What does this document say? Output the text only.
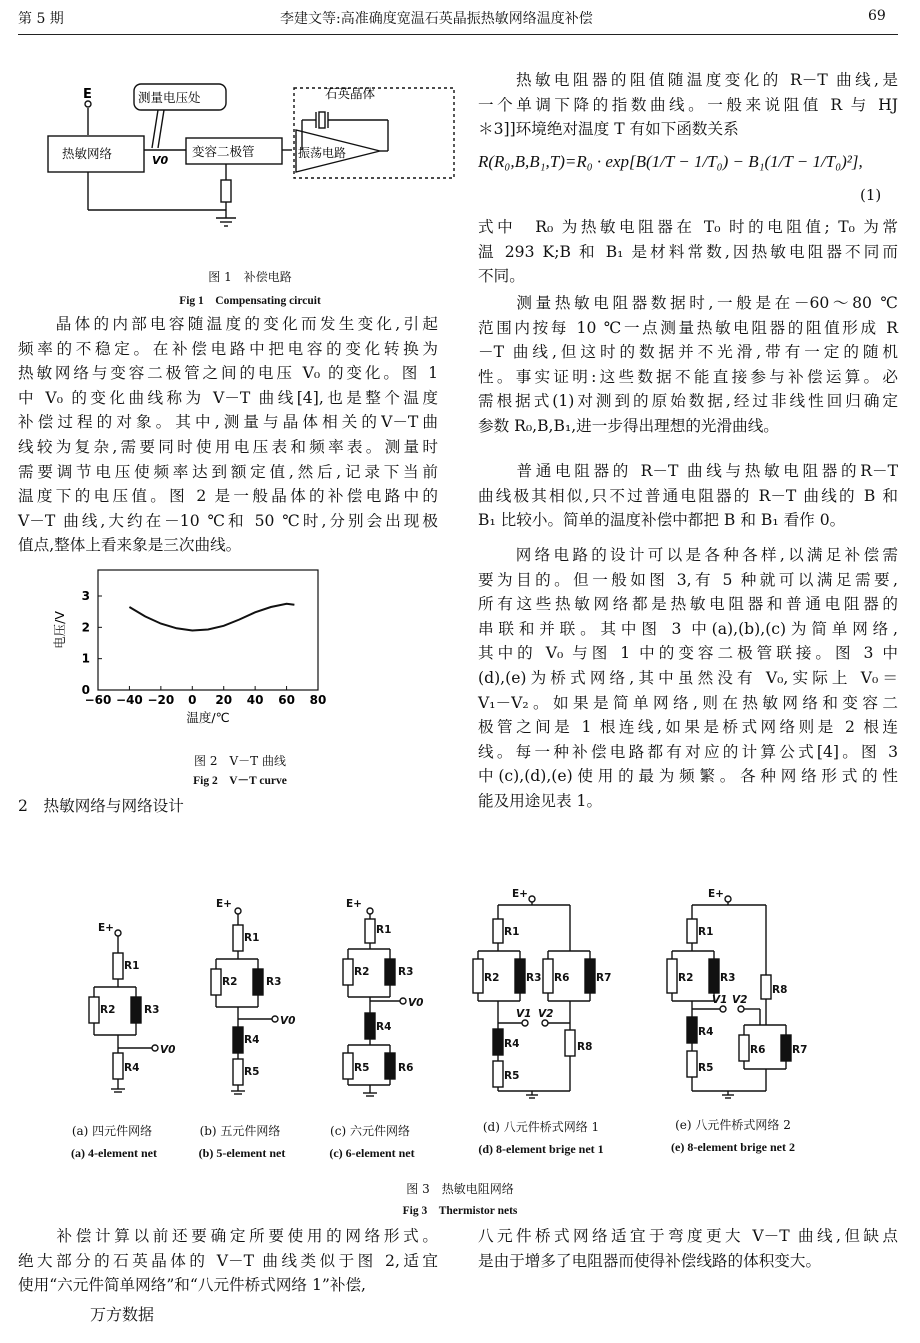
第 5 期	李建文等:高准确度宽温石英晶振热敏网络温度补偿	69
E	测量电压处	石英晶体
热敏网络	V0
变容二极管	振荡电路
图 1　补偿电路
Fig 1　Compensating circuit
　　晶体的内部电容随温度的变化而发生变化,引起
频率的不稳定。在补偿电路中把电容的变化转换为
热敏网络与变容二极管之间的电压 V₀ 的变化。图 1
中 V₀ 的变化曲线称为 V－T 曲线[4],也是整个温度
补偿过程的对象。其中,测量与晶体相关的V－T曲
线较为复杂,需要同时使用电压表和频率表。测量时
需要调节电压使频率达到额定值,然后,记录下当前
温度下的电压值。图 2 是一般晶体的补偿电路中的
V－T 曲线,大约在－10 ℃和 50 ℃时,分别会出现极
值点,整体上看来象是三次曲线。
−60 −40 −20 0 20 40 60 80
0
1
2
3
温度/℃
电压/V
图 2　V－T 曲线
Fig 2　V－T curve
2　热敏网络与网络设计
　　热敏电阻器的阻值随温度变化的 R－T 曲线,是
一个单调下降的指数曲线。一般来说阻值 R 与 HJ
＊3]]环境绝对温度 T 有如下函数关系
R(R₀,B,B₁,T)=R₀ · exp[B(1/T − 1/T₀) − B₁(1/T − 1/T₀)²],
(1)
式中　R₀ 为热敏电阻器在 T₀ 时的电阻值; T₀ 为常
温 293 K;B 和 B₁ 是材料常数,因热敏电阻器不同而
不同。
　　测量热敏电阻器数据时,一般是在－60～80 ℃
范围内按每 10 ℃一点测量热敏电阻器的阻值形成 R
－T 曲线,但这时的数据并不光滑,带有一定的随机
性。事实证明:这些数据不能直接参与补偿运算。必
需根据式(1)对测到的原始数据,经过非线性回归确定
参数 R₀,B,B₁,进一步得出理想的光滑曲线。
　　普通电阻器的 R－T 曲线与热敏电阻器的R－T
曲线极其相似,只不过普通电阻器的 R－T 曲线的 B 和
B₁ 比较小。简单的温度补偿中都把 B 和 B₁ 看作 0。
　　网络电路的设计可以是各种各样,以满足补偿需
要为目的。但一般如图 3,有 5 种就可以满足需要,
所有这些热敏网络都是热敏电阻器和普通电阻器的
串联和并联。其中图 3 中(a),(b),(c)为简单网络,
其中的 V₀ 与图 1 中的变容二极管联接。图 3 中
(d),(e)为桥式网络,其中虽然没有 V₀,实际上 V₀＝
V₁－V₂。如果是简单网络,则在热敏网络和变容二
极管之间是 1 根连线,如果是桥式网络则是 2 根连
线。每一种补偿电路都有对应的计算公式[4]。图 3
中(c),(d),(e)使用的最为频繁。各种网络形式的性
能及用途见表 1。
E+
R1
R2	R3
R4
V0
E+
R1
R2	R3
R4
R5
V0
E+
R1
R2	R3
R4
R5	R6
V0
E+
R1
R2	R3 R6	R7
R4
R5
R8
V1 V2
E+
R1
R2	R3
R8
R4
R5
R6	R7
V1 V2
(a) 四元件网络
(a) 4-element net
(b) 五元件网络
(b) 5-element net
(c) 六元件网络
(c) 6-element net
(d) 八元件桥式网络 1
(d) 8-element brige net 1
(e) 八元件桥式网络 2
(e) 8-element brige net 2
图 3　热敏电阻网络
Fig 3　Thermistor nets
　　补偿计算以前还要确定所要使用的网络形式。
绝大部分的石英晶体的 V－T 曲线类似于图 2,适宜
使用“六元件简单网络”和“八元件桥式网络 1”补偿,
八元件桥式网络适宜于弯度更大 V－T 曲线,但缺点
是由于增多了电阻器而使得补偿线路的体积变大。
万方数据
